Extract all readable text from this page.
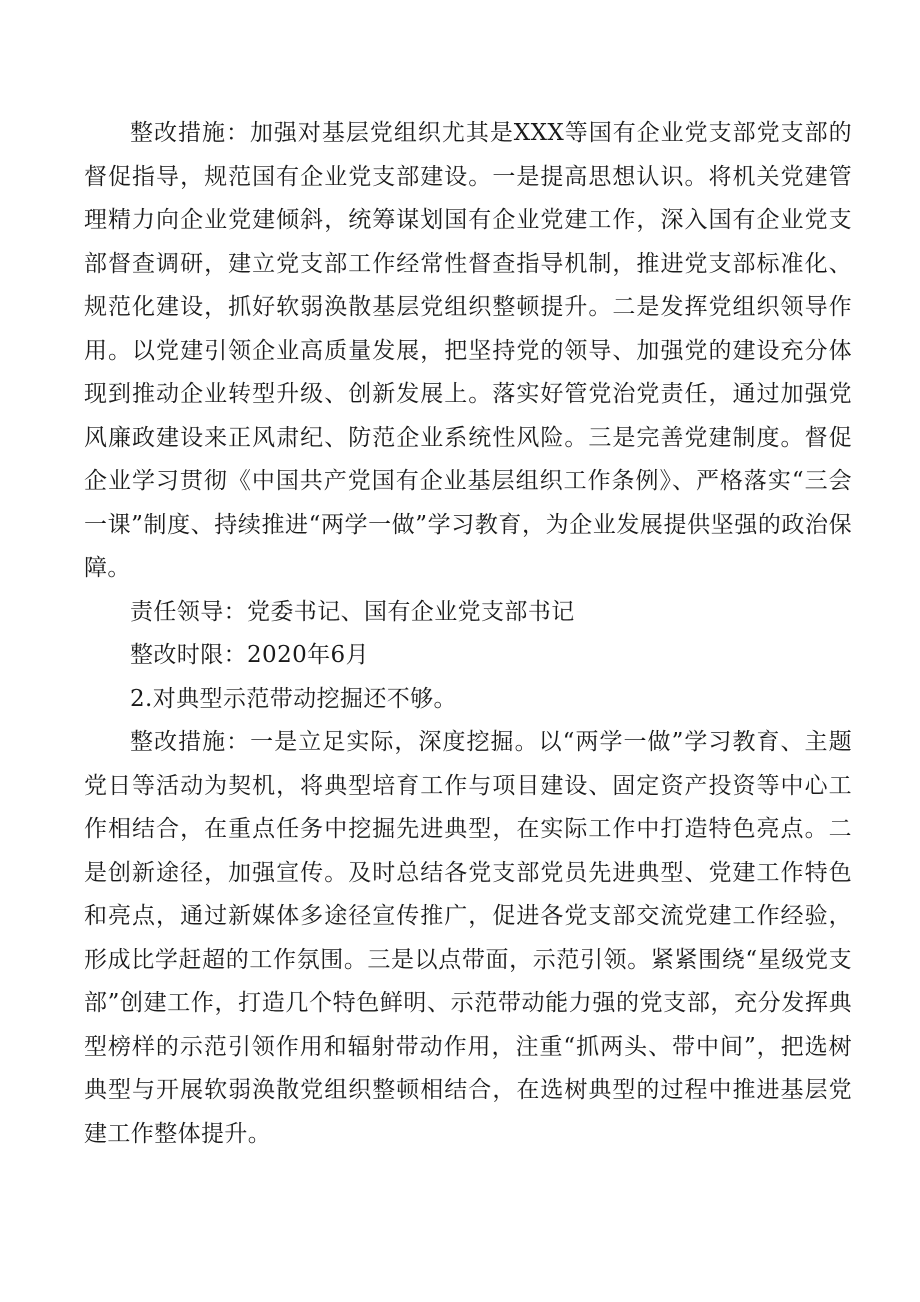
整改措施：加强对基层党组织尤其是XXX等国有企业党支部党支部的督促指导，规范国有企业党支部建设。一是提高思想认识。将机关党建管理精力向企业党建倾斜，统筹谋划国有企业党建工作，深入国有企业党支部督查调研，建立党支部工作经常性督查指导机制，推进党支部标准化、规范化建设，抓好软弱涣散基层党组织整顿提升。二是发挥党组织领导作用。以党建引领企业高质量发展，把坚持党的领导、加强党的建设充分体现到推动企业转型升级、创新发展上。落实好管党治党责任，通过加强党风廉政建设来正风肃纪、防范企业系统性风险。三是完善党建制度。督促企业学习贯彻《中国共产党国有企业基层组织工作条例》、严格落实“三会一课”制度、持续推进“两学一做”学习教育，为企业发展提供坚强的政治保障。

责任领导：党委书记、国有企业党支部书记

整改时限：2020年6月

2.对典型示范带动挖掘还不够。

整改措施：一是立足实际，深度挖掘。以“两学一做”学习教育、主题党日等活动为契机，将典型培育工作与项目建设、固定资产投资等中心工作相结合，在重点任务中挖掘先进典型，在实际工作中打造特色亮点。二是创新途径，加强宣传。及时总结各党支部党员先进典型、党建工作特色和亮点，通过新媒体多途径宣传推广，促进各党支部交流党建工作经验，形成比学赶超的工作氛围。三是以点带面，示范引领。紧紧围绕“星级党支部”创建工作，打造几个特色鲜明、示范带动能力强的党支部，充分发挥典型榜样的示范引领作用和辐射带动作用，注重“抓两头、带中间”，把选树典型与开展软弱涣散党组织整顿相结合，在选树典型的过程中推进基层党建工作整体提升。
